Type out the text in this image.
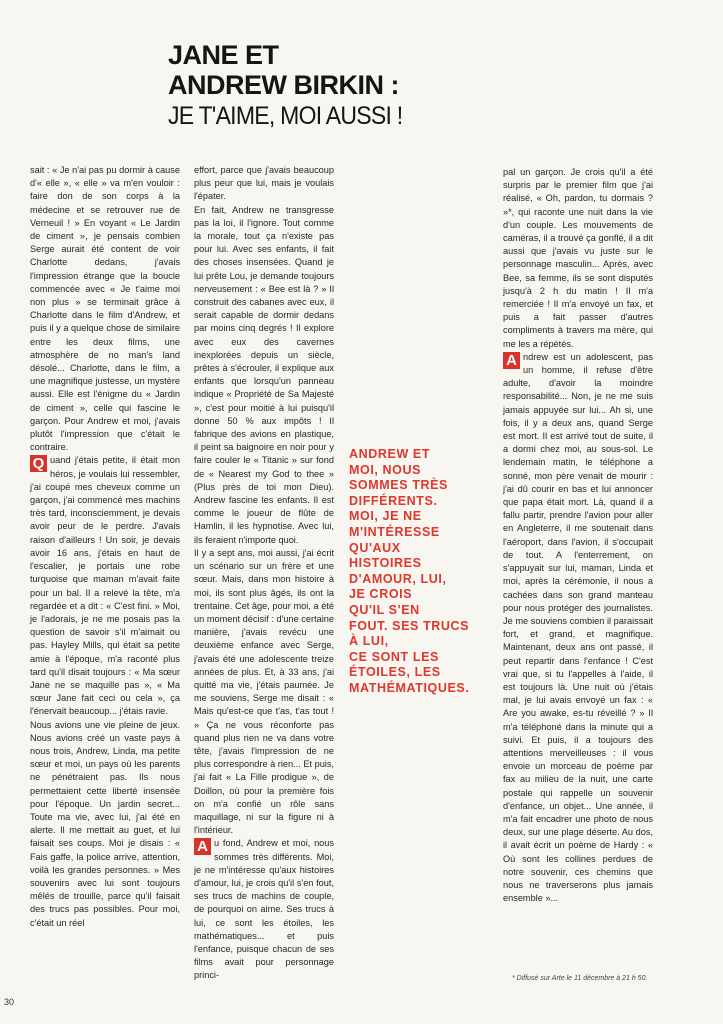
JANE ET
ANDREW BIRKIN :
JE T'AIME, MOI AUSSI !

sait : « Je n'ai pas pu dormir à cause d'« elle », « elle » va m'en vouloir : faire don de son corps à la médecine et se retrouver rue de Verneuil ! » En voyant « Le Jardin de ciment », je pensais combien Serge aurait été content de voir Charlotte dedans, j'avais l'impression étrange que la boucle commencée avec « Je t'aime moi non plus » se terminait grâce à Charlotte dans le film d'Andrew, et puis il y a quelque chose de similaire entre les deux films, une atmosphère de no man's land désolé... Charlotte, dans le film, a une magnifique justesse, un mystère aussi. Elle est l'énigme du « Jardin de ciment », celle qui fascine le garçon. Pour Andrew et moi, j'avais plutôt l'impression que c'était le contraire.

Q uand j'étais petite, il était mon héros, je voulais lui ressembler, j'ai coupé mes cheveux comme un garçon, j'ai commencé mes machins très tard, inconsciemment, je devais avoir peur de le perdre. J'avais raison d'ailleurs ! Un soir, je devais avoir 16 ans, j'étais en haut de l'escalier, je portais une robe turquoise que maman m'avait faite pour un bal. Il a relevé la tête, m'a regardée et a dit : « C'est fini. » Moi, je l'adorais, je ne me posais pas la question de savoir s'il m'aimait ou pas. Hayley Mills, qui était sa petite amie à l'époque, m'a raconté plus tard qu'il disait toujours : « Ma sœur Jane ne se maquille pas », « Ma sœur Jane fait ceci ou cela », ça l'énervait beaucoup... j'étais ravie.

Nous avions une vie pleine de jeux. Nous avions créé un vaste pays à nous trois, Andrew, Linda, ma petite sœur et moi, un pays où les parents ne pénétraient pas. Ils nous permettaient cette liberté insensée pour l'époque. Un jardin secret... Toute ma vie, avec lui, j'ai été en alerte. Il me mettait au guet, et lui faisait ses coups. Moi je disais : « Fais gaffe, la police arrive, attention, voilà les grandes personnes. » Mes souvenirs avec lui sont toujours mêlés de trouille, parce qu'il faisait des trucs pas possibles. Pour moi, c'était un réel

effort, parce que j'avais beaucoup plus peur que lui, mais je voulais l'épater.

En fait, Andrew ne transgresse pas la loi, il l'ignore. Tout comme la morale, tout ça n'existe pas pour lui. Avec ses enfants, il fait des choses insensées. Quand je lui prête Lou, je demande toujours nerveusement : « Bee est là ? » Il construit des cabanes avec eux, il serait capable de dormir dedans par moins cinq degrés ! Il explore avec eux des cavernes inexplorées depuis un siècle, prêtes à s'écrouler, il explique aux enfants que lorsqu'un panneau indique « Propriété de Sa Majesté », c'est pour moitié à lui puisqu'il donne 50 % aux impôts ! Il fabrique des avions en plastique, il peint sa baignoire en noir pour y faire couler le « Titanic » sur fond de « Nearest my God to thee » (Plus près de toi mon Dieu). Andrew fascine les enfants. Il est comme le joueur de flûte de Hamlin, il les hypnotise. Avec lui, ils feraient n'importe quoi.

Il y a sept ans, moi aussi, j'ai écrit un scénario sur un frère et une sœur. Mais, dans mon histoire à moi, ils sont plus âgés, ils ont la trentaine. Cet âge, pour moi, a été un moment décisif : d'une certaine manière, j'avais revécu une deuxième enfance avec Serge, j'avais été une adolescente treize années de plus. Et, à 33 ans, j'ai quitté ma vie, j'étais paumée. Je me souviens, Serge me disait : « Mais qu'est-ce que t'as, t'as tout ! » Ça ne vous réconforte pas quand plus rien ne va dans votre tête, j'avais l'impression de ne plus correspondre à rien... Et puis, j'ai fait « La Fille prodigue », de Doillon, où pour la première fois on m'a confié un rôle sans maquillage, ni sur la figure ni à l'intérieur.

A u fond, Andrew et moi, nous sommes très différents. Moi, je ne m'intéresse qu'aux histoires d'amour, lui, je crois qu'il s'en fout, ses trucs de machins de couple, de pourquoi on aime. Ses trucs à lui, ce sont les étoiles, les mathématiques... et puis l'enfance, puisque chacun de ses films avait pour personnage princi-

ANDREW ET
MOI, NOUS
SOMMES TRÈS
DIFFÉRENTS.
MOI, JE NE
M'INTÉRESSE
QU'AUX
HISTOIRES
D'AMOUR, LUI,
JE CROIS
QU'IL S'EN
FOUT. SES TRUCS
À LUI,
CE SONT LES
ÉTOILES, LES
MATHÉMATIQUES.

pal un garçon. Je crois qu'il a été surpris par le premier film que j'ai réalisé, « Oh, pardon, tu dormais ? »*, qui raconte une nuit dans la vie d'un couple. Les mouvements de caméras, il a trouvé ça gonflé, il a dit aussi que j'avais vu juste sur le personnage masculin... Après, avec Bee, sa femme, ils se sont disputés jusqu'à 2 h du matin ! Il m'a remerciée ! Il m'a envoyé un fax, et puis a fait passer d'autres compliments à travers ma mère, qui me les a répétés.

A ndrew est un adolescent, pas un homme, il refuse d'être adulte, d'avoir la moindre responsabilité... Non, je ne me suis jamais appuyée sur lui... Ah si, une fois, il y a deux ans, quand Serge est mort. Il est arrivé tout de suite, il a dormi chez moi, au sous-sol. Le lendemain matin, le téléphone a sonné, mon père venait de mourir : j'ai dû courir en bas et lui annoncer que papa était mort. Là, quand il a fallu partir, prendre l'avion pour aller en Angleterre, il me soutenait dans l'aéroport, dans l'avion, il s'occupait de tout. A l'enterrement, on s'appuyait sur lui, maman, Linda et moi, après la cérémonie, il nous a cachées dans son grand manteau pour nous protéger des journalistes. Je me souviens combien il paraissait fort, et grand, et magnifique. Maintenant, deux ans ont passé, il peut repartir dans l'enfance ! C'est vrai que, si tu l'appelles à l'aide, il est toujours là. Une nuit où j'étais mal, je lui avais envoyé un fax : « Are you awake, es-tu réveillé ? » Il m'a téléphoné dans la minute qui a suivi. Et puis, il a toujours des attentions merveilleuses : il vous envoie un morceau de poème par fax au milieu de la nuit, une carte postale qui rappelle un souvenir d'enfance, un objet... Une année, il m'a fait encadrer une photo de nous deux, sur une plage déserte. Au dos, il avait écrit un poème de Hardy : « Où sont les collines perdues de notre souvenir, ces chemins que nous ne traverserons plus jamais ensemble »...

* Diffusé sur Arte le 11 décembre à 21 h 50.
30
